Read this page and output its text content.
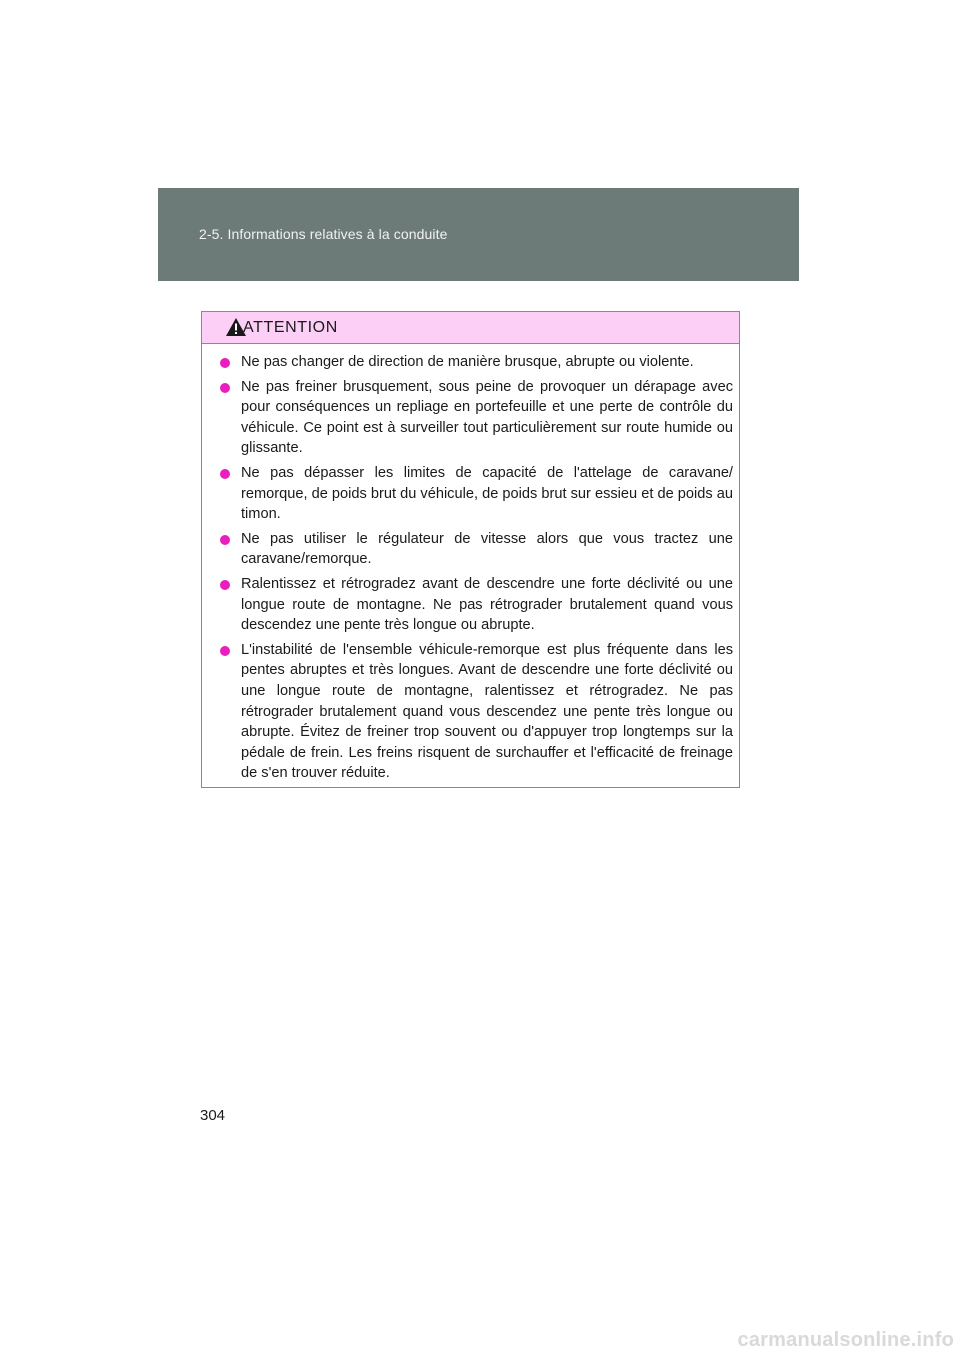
2-5. Informations relatives à la conduite
ATTENTION
Ne pas changer de direction de manière brusque, abrupte ou violente.
Ne pas freiner brusquement, sous peine de provoquer un dérapage avec pour conséquences un repliage en portefeuille et une perte de contrôle du véhicule. Ce point est à surveiller tout particulièrement sur route humide ou glissante.
Ne pas dépasser les limites de capacité de l'attelage de caravane/ remorque, de poids brut du véhicule, de poids brut sur essieu et de poids au timon.
Ne pas utiliser le régulateur de vitesse alors que vous tractez une caravane/remorque.
Ralentissez et rétrogradez avant de descendre une forte déclivité ou une longue route de montagne. Ne pas rétrograder brutalement quand vous descendez une pente très longue ou abrupte.
L'instabilité de l'ensemble véhicule-remorque est plus fréquente dans les pentes abruptes et très longues. Avant de descendre une forte déclivité ou une longue route de montagne, ralentissez et rétrogradez. Ne pas rétrograder brutalement quand vous descendez une pente très longue ou abrupte. Évitez de freiner trop souvent ou d'appuyer trop longtemps sur la pédale de frein. Les freins risquent de surchauffer et l'efficacité de freinage de s'en trouver réduite.
304
carmanualsonline.info
